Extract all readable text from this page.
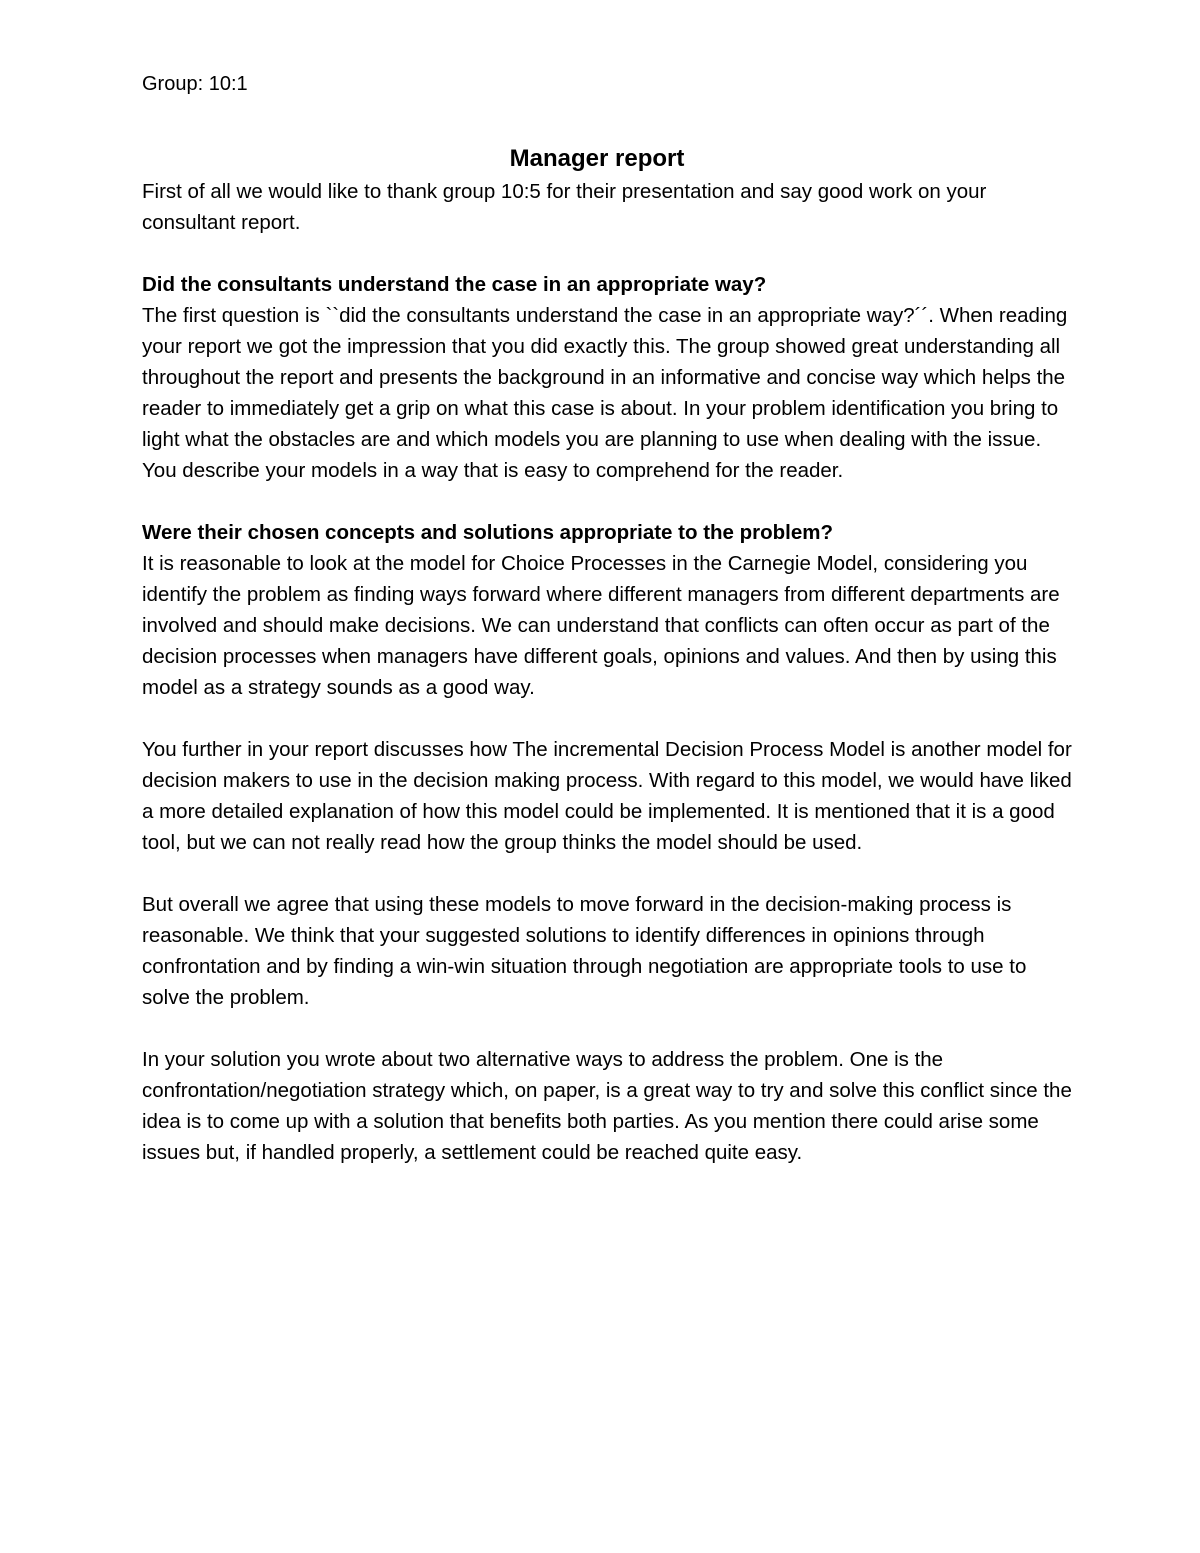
Group: 10:1

Manager report

First of all we would like to thank group 10:5 for their presentation and say good work on your consultant report.

Did the consultants understand the case in an appropriate way?

The first question is ``did the consultants understand the case in an appropriate way?´´. When reading your report we got the impression that you did exactly this. The group showed great understanding all throughout the report and presents the background in an informative and concise way which helps the reader to immediately get a grip on what this case is about. In your problem identification you bring to light what the obstacles are and which models you are planning to use when dealing with the issue. You describe your models in a way that is easy to comprehend for the reader.

Were their chosen concepts and solutions appropriate to the problem?

It is reasonable to look at the model for Choice Processes in the Carnegie Model, considering you identify the problem as finding ways forward where different managers from different departments are involved and should make decisions. We can understand that conflicts can often occur as part of the decision processes when managers have different goals, opinions and values. And then by using this model as a strategy sounds as a good way.

You further in your report discusses how The incremental Decision Process Model is another model for decision makers to use in the decision making process. With regard to this model, we would have liked a more detailed explanation of how this model could be implemented. It is mentioned that it is a good tool, but we can not really read how the group thinks the model should be used.

But overall we agree that using these models to move forward in the decision-making process is reasonable. We think that your suggested solutions to identify differences in opinions through confrontation and by finding a win-win situation through negotiation are appropriate tools to use to solve the problem.

In your solution you wrote about two alternative ways to address the problem. One is the confrontation/negotiation strategy which, on paper, is a great way to try and solve this conflict since the idea is to come up with a solution that benefits both parties. As you mention there could arise some issues but, if handled properly, a settlement could be reached quite easy.
